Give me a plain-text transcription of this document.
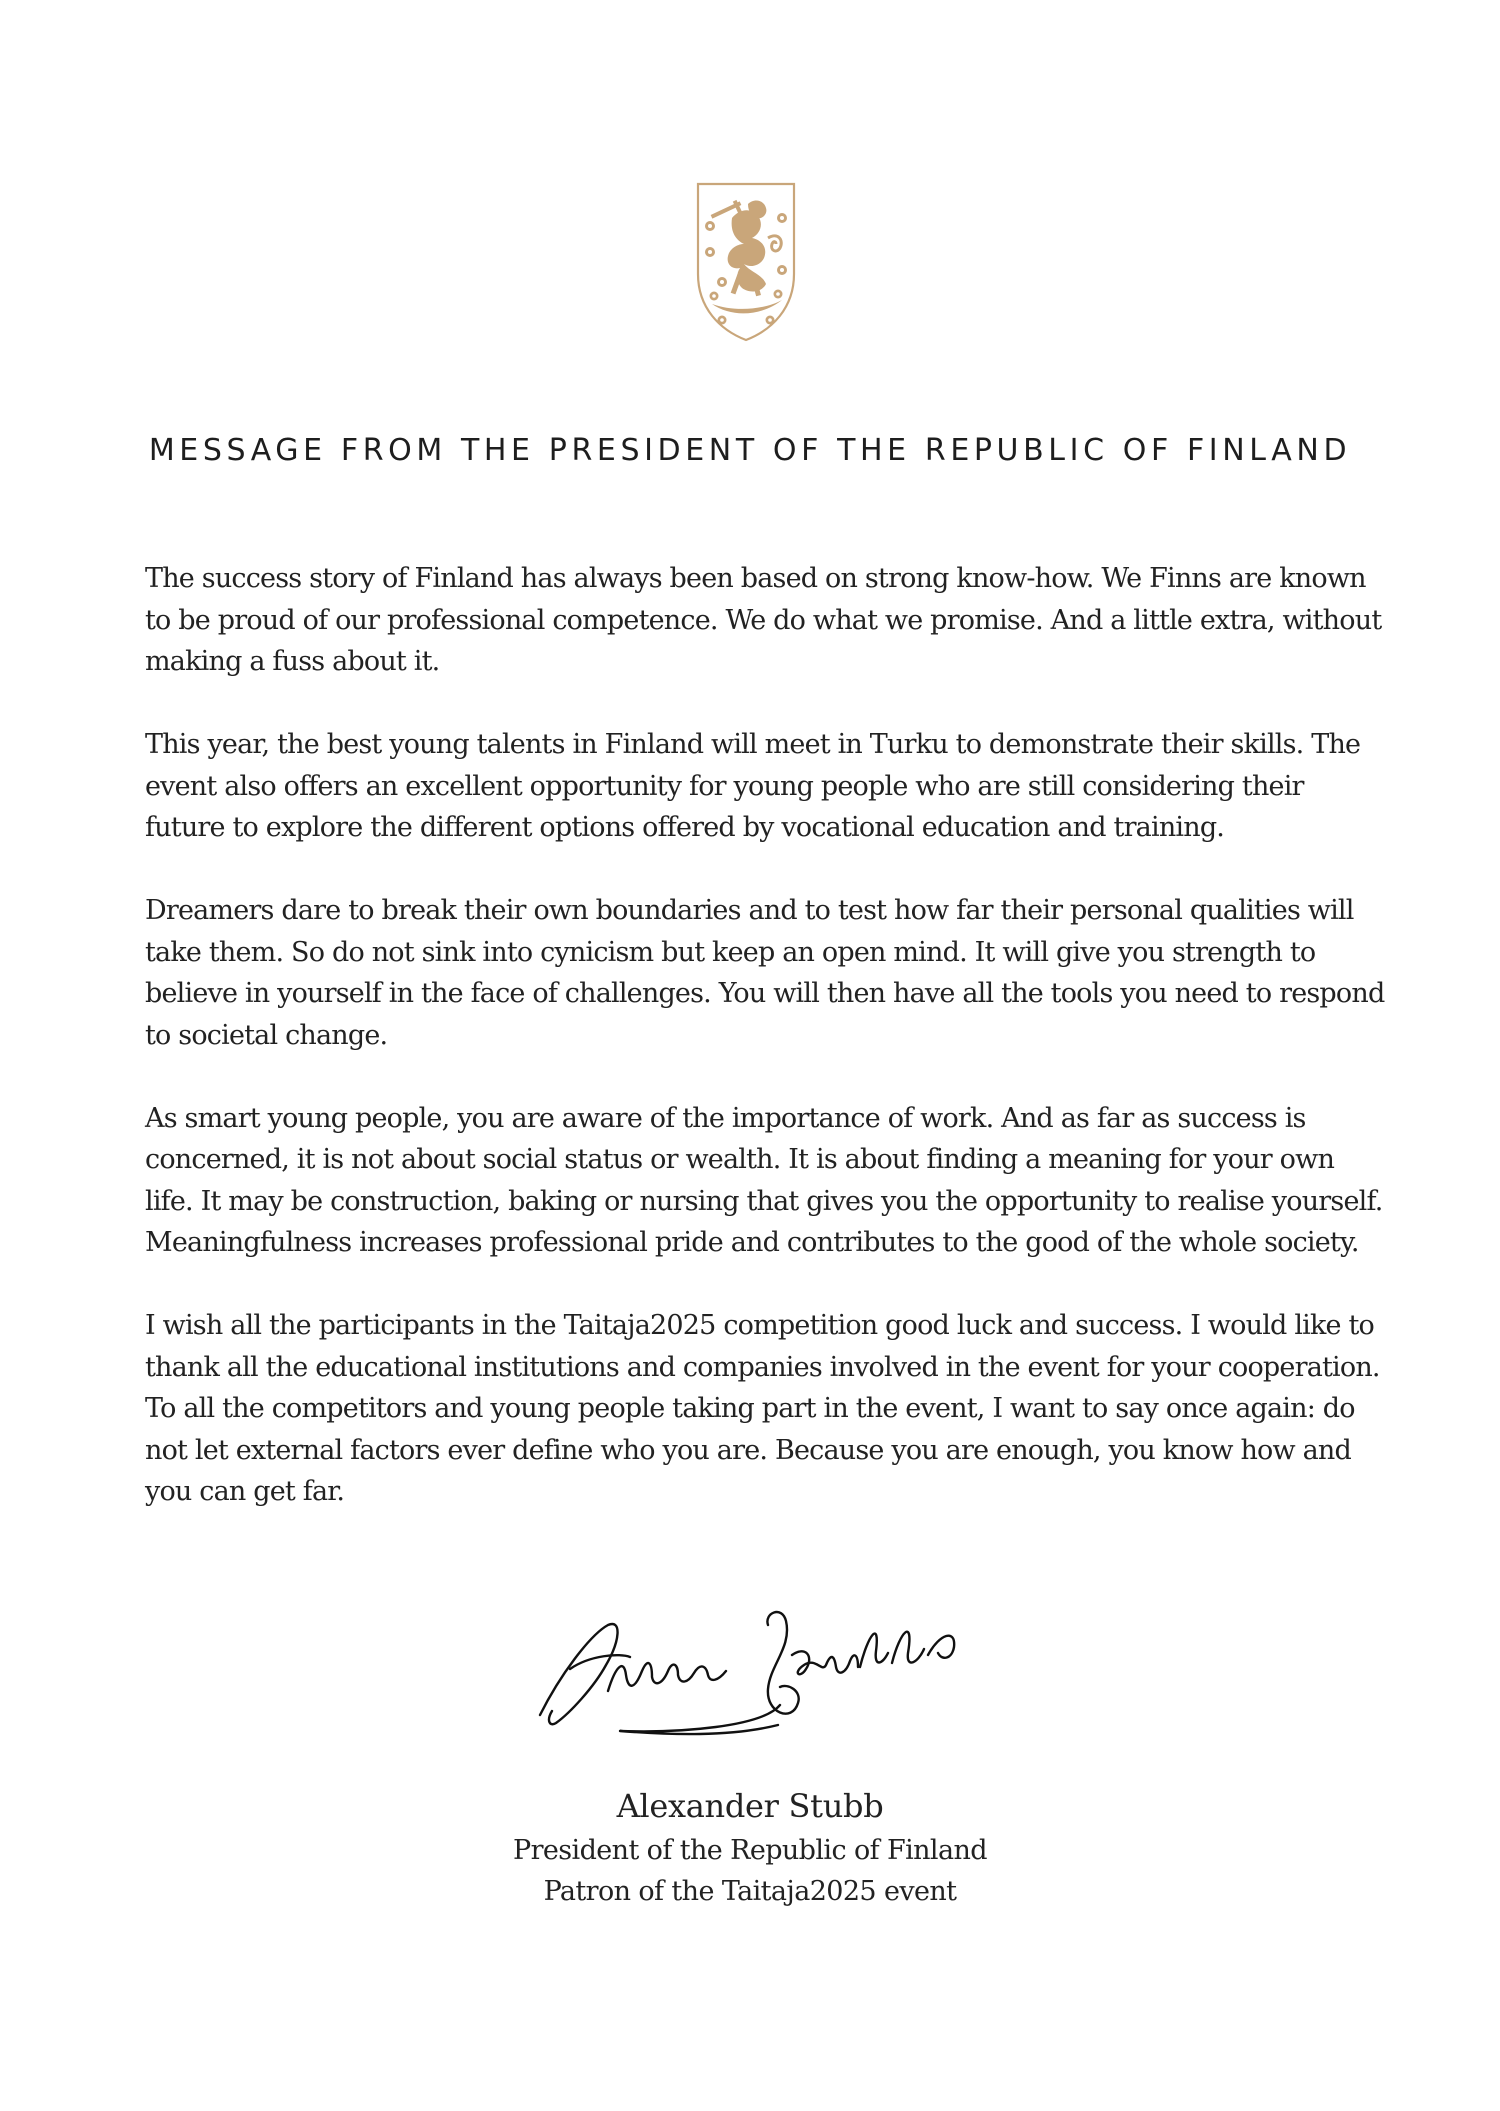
MESSAGE FROM THE PRESIDENT OF THE REPUBLIC OF FINLAND

The success story of Finland has always been based on strong know-how. We Finns are known to be proud of our professional competence. We do what we promise. And a little extra, without making a fuss about it.

This year, the best young talents in Finland will meet in Turku to demonstrate their skills. The event also offers an excellent opportunity for young people who are still considering their future to explore the different options offered by vocational education and training.

Dreamers dare to break their own boundaries and to test how far their personal qualities will take them. So do not sink into cynicism but keep an open mind. It will give you strength to believe in yourself in the face of challenges. You will then have all the tools you need to respond to societal change.

As smart young people, you are aware of the importance of work. And as far as success is concerned, it is not about social status or wealth. It is about finding a meaning for your own life. It may be construction, baking or nursing that gives you the opportunity to realise yourself. Meaningfulness increases professional pride and contributes to the good of the whole society.

I wish all the participants in the Taitaja2025 competition good luck and success. I would like to thank all the educational institutions and companies involved in the event for your cooperation. To all the competitors and young people taking part in the event, I want to say once again: do not let external factors ever define who you are. Because you are enough, you know how and you can get far.

Alexander Stubb
President of the Republic of Finland
Patron of the Taitaja2025 event
